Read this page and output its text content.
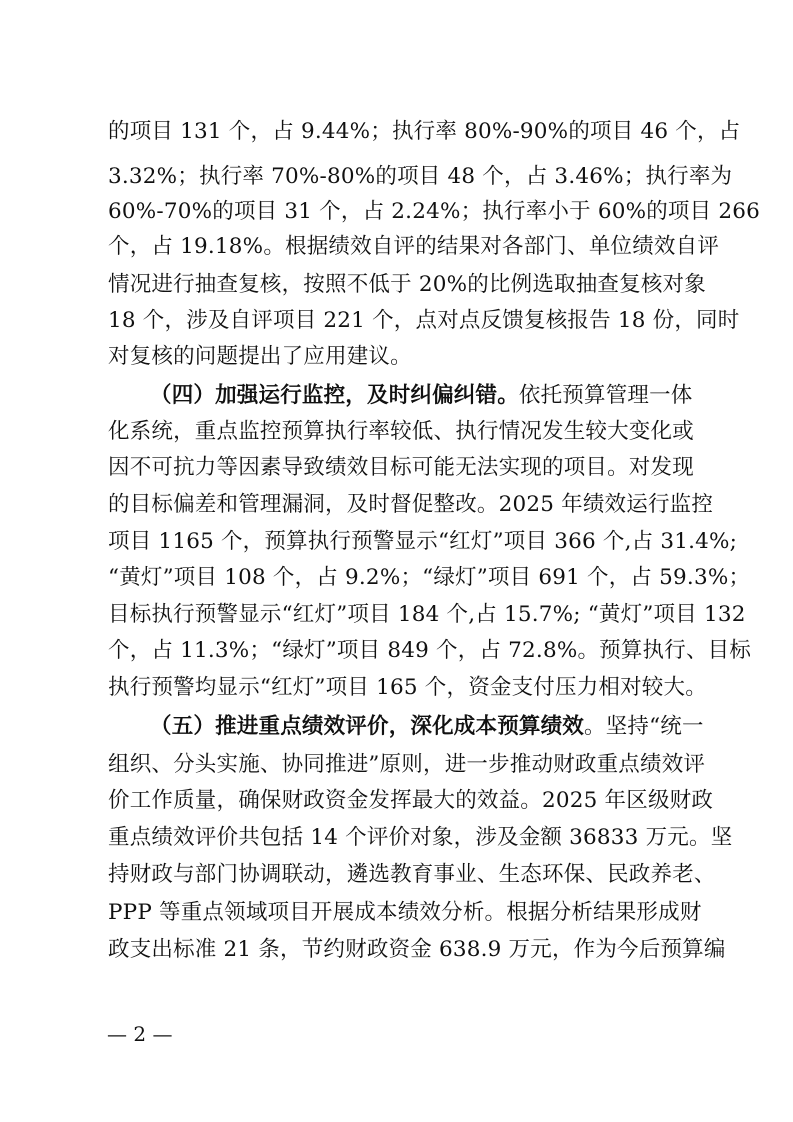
的项目 131 个，占 9.44%；执行率 80%-90%的项目 46 个，占
3.32%；执行率 70%-80%的项目 48 个，占 3.46%；执行率为
60%-70%的项目 31 个，占 2.24%；执行率小于 60%的项目 266
个，占 19.18%。根据绩效自评的结果对各部门、单位绩效自评
情况进行抽查复核，按照不低于 20%的比例选取抽查复核对象
18 个，涉及自评项目 221 个，点对点反馈复核报告 18 份，同时
对复核的问题提出了应用建议。
（四）加强运行监控，及时纠偏纠错。依托预算管理一体
化系统，重点监控预算执行率较低、执行情况发生较大变化或
因不可抗力等因素导致绩效目标可能无法实现的项目。对发现
的目标偏差和管理漏洞，及时督促整改。2025 年绩效运行监控
项目 1165 个，预算执行预警显示“红灯”项目 366 个,占 31.4%;
“黄灯”项目 108 个，占 9.2%；“绿灯”项目 691 个，占 59.3%；
目标执行预警显示“红灯”项目 184 个,占 15.7%; “黄灯”项目 132
个，占 11.3%；“绿灯”项目 849 个，占 72.8%。预算执行、目标
执行预警均显示“红灯”项目 165 个，资金支付压力相对较大。
（五）推进重点绩效评价，深化成本预算绩效。坚持“统一
组织、分头实施、协同推进”原则，进一步推动财政重点绩效评
价工作质量，确保财政资金发挥最大的效益。2025 年区级财政
重点绩效评价共包括 14 个评价对象，涉及金额 36833 万元。坚
持财政与部门协调联动，遴选教育事业、生态环保、民政养老、
PPP 等重点领域项目开展成本绩效分析。根据分析结果形成财
政支出标准 21 条，节约财政资金 638.9 万元，作为今后预算编
— 2 —
